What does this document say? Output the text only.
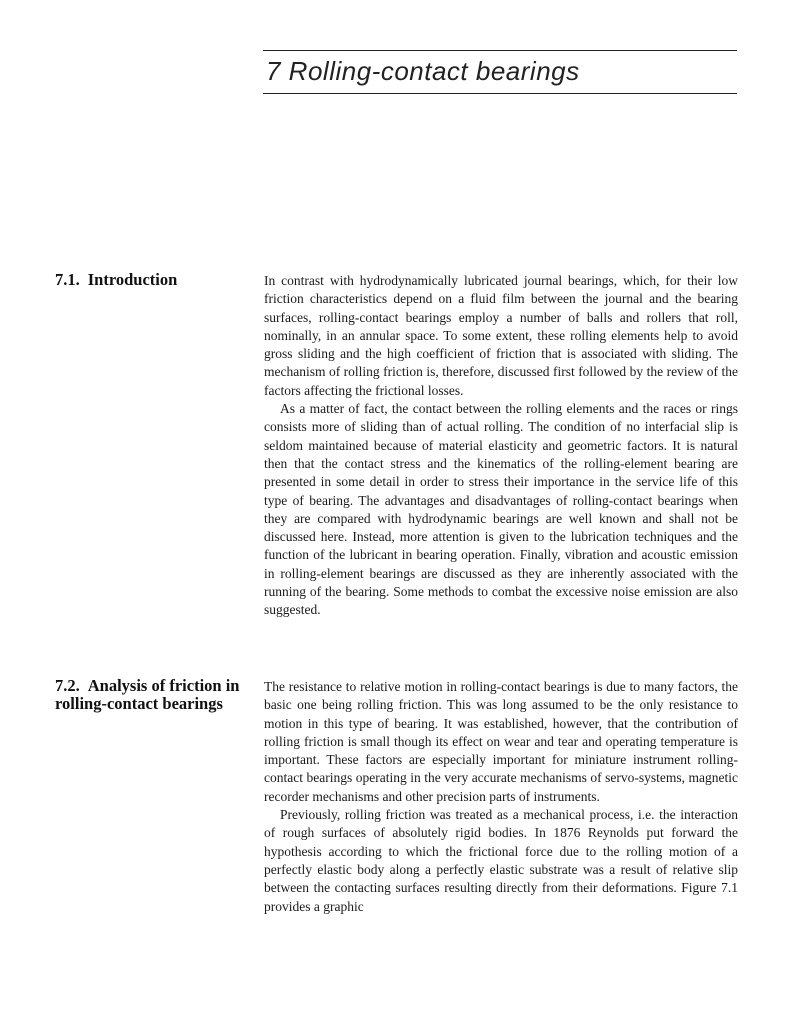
7 Rolling-contact bearings
7.1. Introduction	In contrast with hydrodynamically lubricated journal bearings, which, for their low friction characteristics depend on a fluid film between the journal and the bearing surfaces, rolling-contact bearings employ a number of balls and rollers that roll, nominally, in an annular space. To some extent, these rolling elements help to avoid gross sliding and the high coefficient of friction that is associated with sliding. The mechanism of rolling friction is, therefore, discussed first followed by the review of the factors affecting the frictional losses.

As a matter of fact, the contact between the rolling elements and the races or rings consists more of sliding than of actual rolling. The condition of no interfacial slip is seldom maintained because of material elasticity and geometric factors. It is natural then that the contact stress and the kinematics of the rolling-element bearing are presented in some detail in order to stress their importance in the service life of this type of bearing. The advantages and disadvantages of rolling-contact bearings when they are compared with hydrodynamic bearings are well known and shall not be discussed here. Instead, more attention is given to the lubrication techniques and the function of the lubricant in bearing operation. Finally, vibration and acoustic emission in rolling-element bearings are discussed as they are inherently associated with the running of the bearing. Some methods to combat the excessive noise emission are also suggested.

7.2. Analysis of friction in rolling-contact bearings

The resistance to relative motion in rolling-contact bearings is due to many factors, the basic one being rolling friction. This was long assumed to be the only resistance to motion in this type of bearing. It was established, however, that the contribution of rolling friction is small though its effect on wear and tear and operating temperature is important. These factors are especially important for miniature instrument rolling-contact bearings operating in the very accurate mechanisms of servo-systems, magnetic recorder mechanisms and other precision parts of instruments.

Previously, rolling friction was treated as a mechanical process, i.e. the interaction of rough surfaces of absolutely rigid bodies. In 1876 Reynolds put forward the hypothesis according to which the frictional force due to the rolling motion of a perfectly elastic body along a perfectly elastic substrate was a result of relative slip between the contacting surfaces resulting directly from their deformations. Figure 7.1 provides a graphic
